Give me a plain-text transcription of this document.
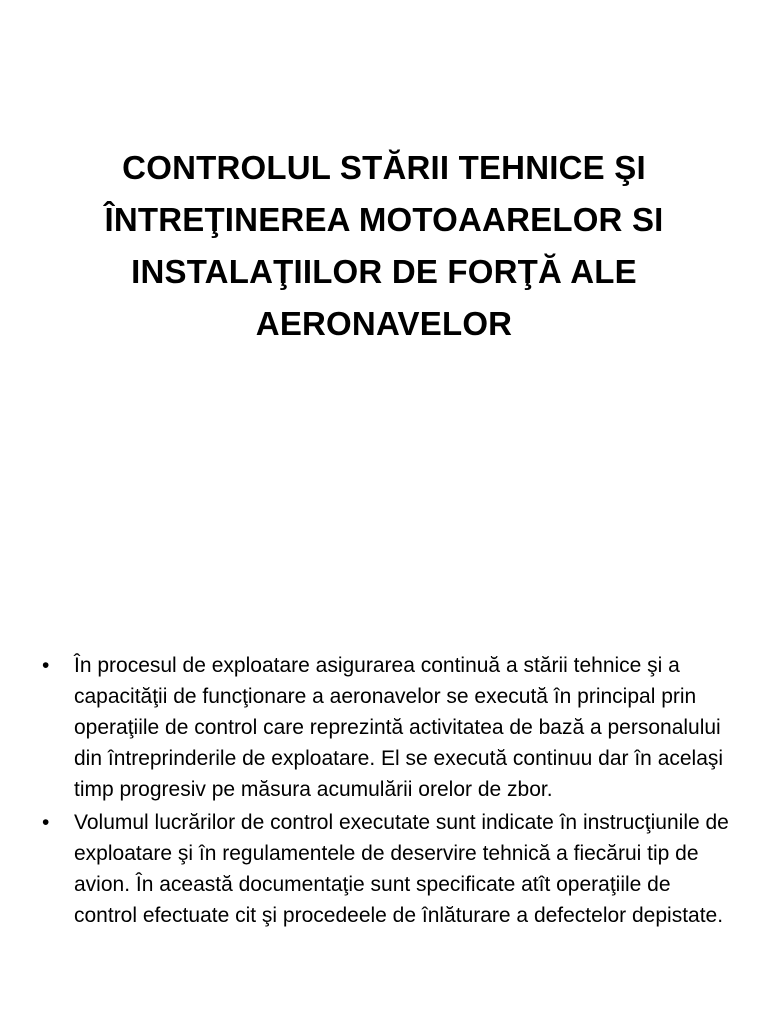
CONTROLUL STĂRII TEHNICE ŞI ÎNTREŢINEREA MOTOAARELOR SI INSTALAŢIILOR DE FORŢĂ ALE AERONAVELOR
• În procesul de exploatare asigurarea continuă a stării tehnice şi a capacităţii de funcţionare a aeronavelor se execută în principal prin operaţiile de control care reprezintă activitatea de bază a personalului din întreprinderile de exploatare. El se execută continuu dar în acelaşi timp progresiv pe măsura acumulării orelor de zbor.
• Volumul lucrărilor de control executate sunt indicate în instrucţiunile de exploatare şi în regulamentele de deservire tehnică a fiecărui tip de avion. În această documentaţie sunt specificate atît operaţiile de control efectuate cit şi procedeele de înlăturare a defectelor depistate.
